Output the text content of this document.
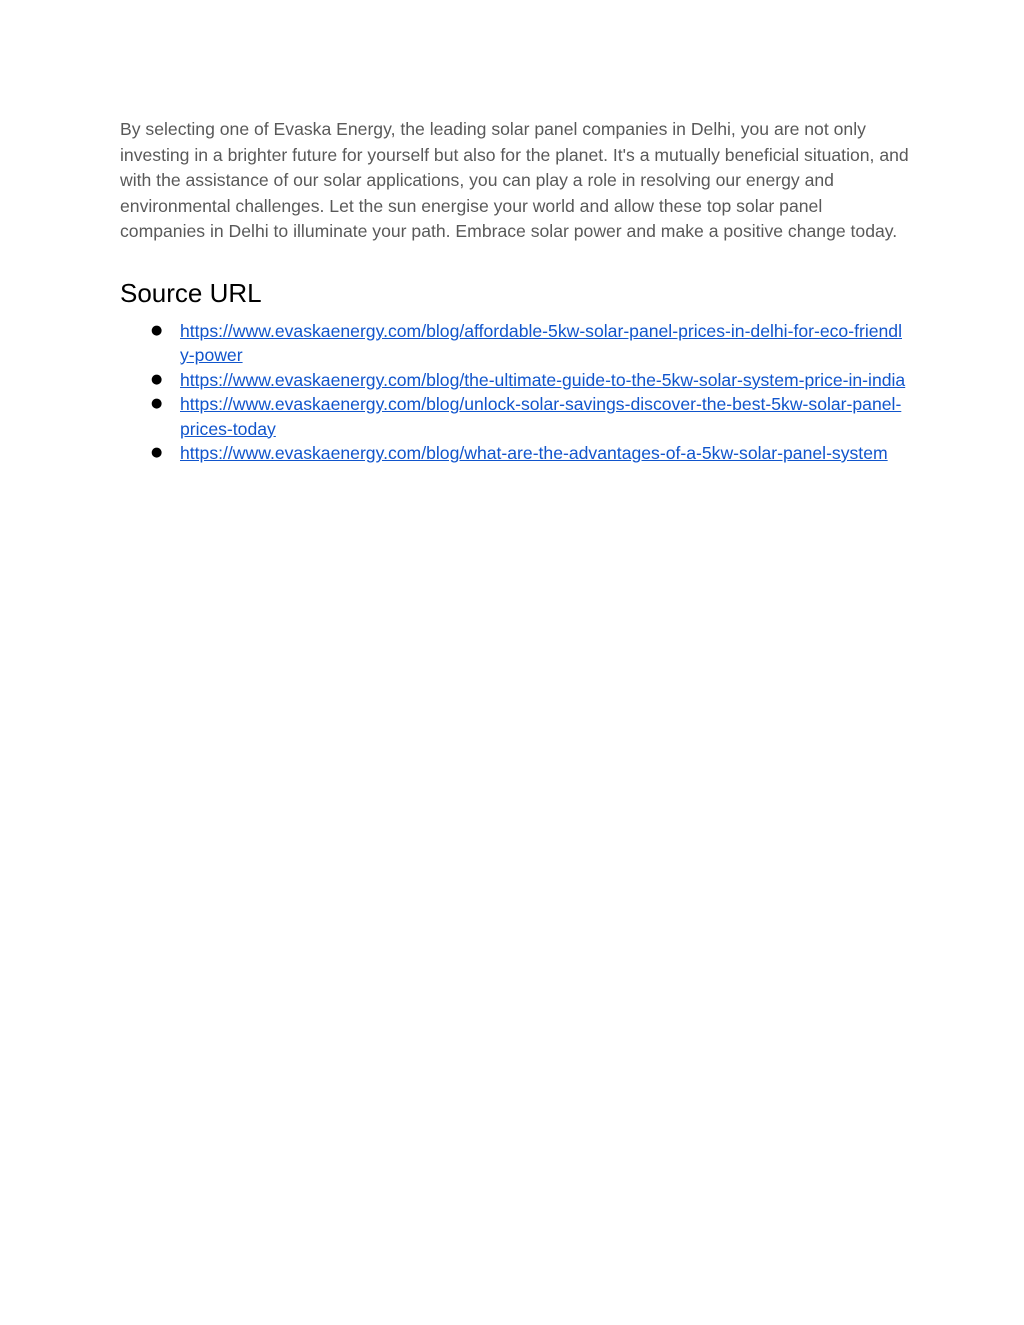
By selecting one of Evaska Energy, the leading solar panel companies in Delhi, you are not only investing in a brighter future for yourself but also for the planet. It's a mutually beneficial situation, and with the assistance of our solar applications, you can play a role in resolving our energy and environmental challenges. Let the sun energise your world and allow these top solar panel companies in Delhi to illuminate your path. Embrace solar power and make a positive change today.

Source URL
● https://www.evaskaenergy.com/blog/affordable-5kw-solar-panel-prices-in-delhi-for-eco-friendly-power
● https://www.evaskaenergy.com/blog/the-ultimate-guide-to-the-5kw-solar-system-price-in-india
● https://www.evaskaenergy.com/blog/unlock-solar-savings-discover-the-best-5kw-solar-panel-prices-today
● https://www.evaskaenergy.com/blog/what-are-the-advantages-of-a-5kw-solar-panel-system
